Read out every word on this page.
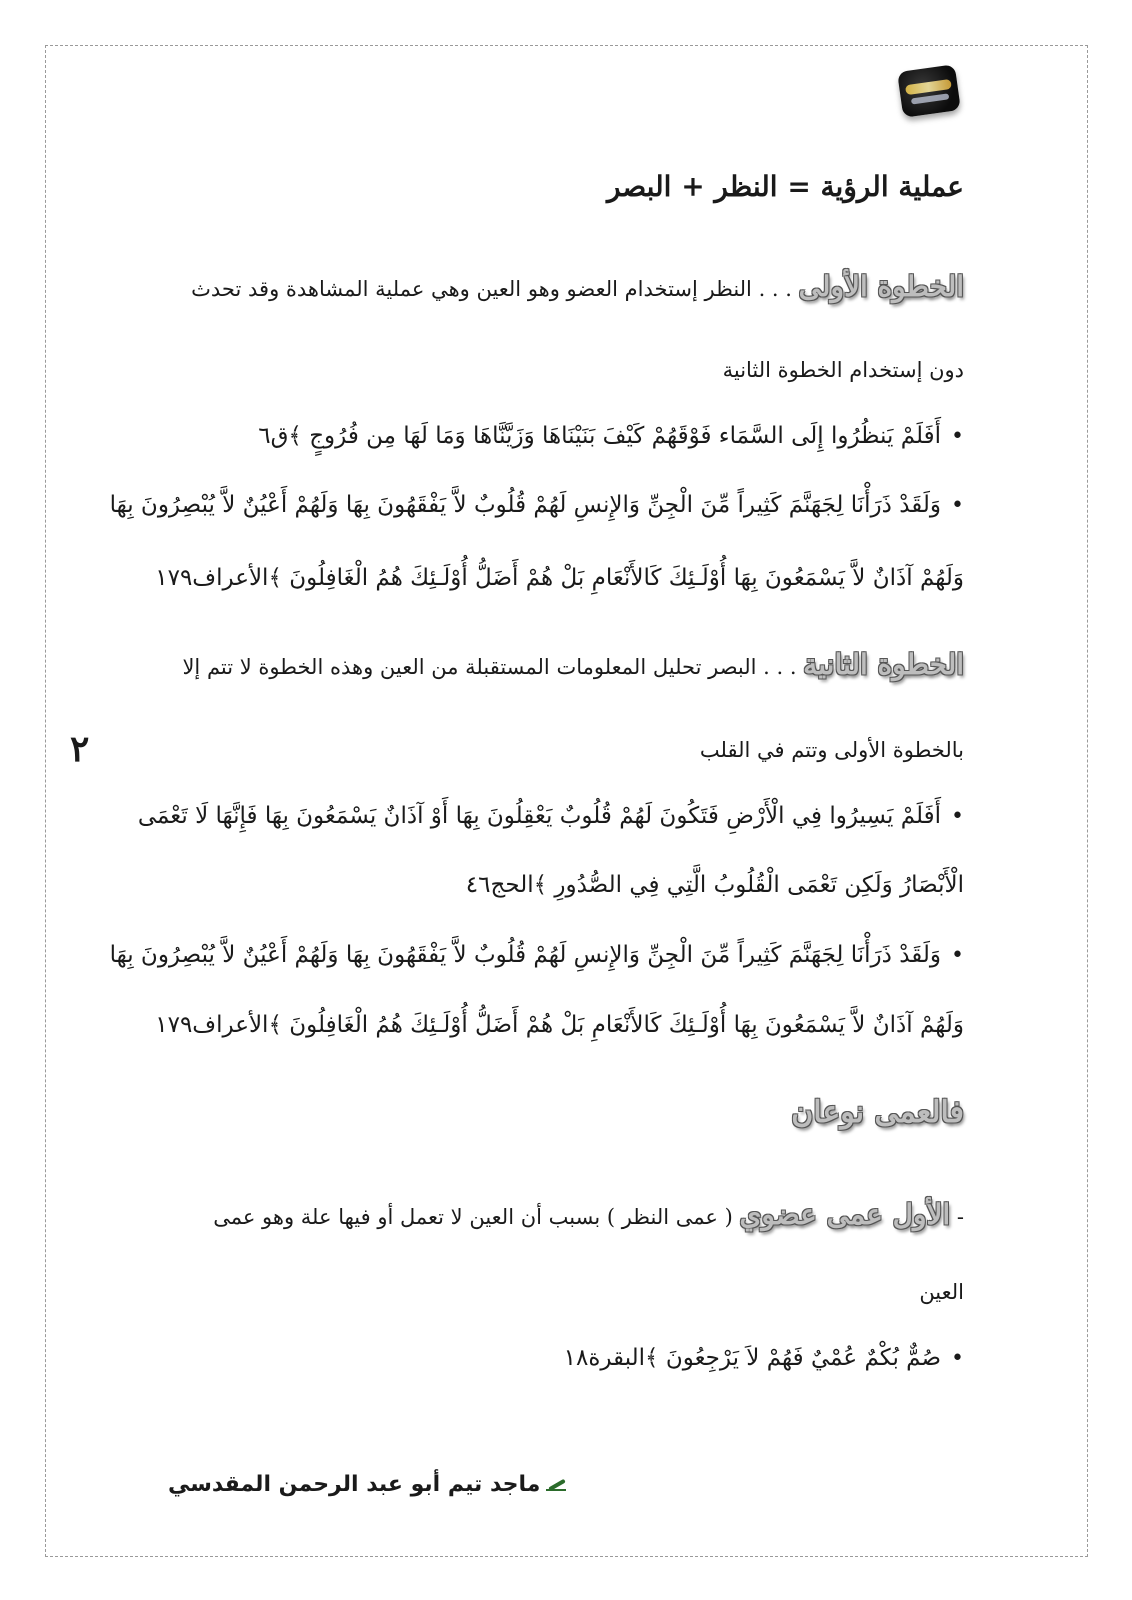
عملية الرؤية = النظر + البصر
الخطوة الأولى . . . النظر إستخدام العضو وهو العين وهي عملية المشاهدة وقد تحدث
دون إستخدام الخطوة الثانية
•أَفَلَمْ يَنظُرُوا إِلَى السَّمَاء فَوْقَهُمْ كَيْفَ بَنَيْنَاهَا وَزَيَّنَّاهَا وَمَا لَهَا مِن فُرُوجٍ ﴾ق٦
•وَلَقَدْ ذَرَأْنَا لِجَهَنَّمَ كَثِيراً مِّنَ الْجِنِّ وَالإِنسِ لَهُمْ قُلُوبٌ لاَّ يَفْقَهُونَ بِهَا وَلَهُمْ أَعْيُنٌ لاَّ يُبْصِرُونَ بِهَا
وَلَهُمْ آذَانٌ لاَّ يَسْمَعُونَ بِهَا أُوْلَـئِكَ كَالأَنْعَامِ بَلْ هُمْ أَضَلُّ أُوْلَـئِكَ هُمُ الْغَافِلُونَ ﴾الأعراف١٧٩
الخطوة الثانية . . . البصر تحليل المعلومات المستقبلة من العين وهذه الخطوة لا تتم إلا
بالخطوة الأولى وتتم في القلب
٢
•أَفَلَمْ يَسِيرُوا فِي الْأَرْضِ فَتَكُونَ لَهُمْ قُلُوبٌ يَعْقِلُونَ بِهَا أَوْ آذَانٌ يَسْمَعُونَ بِهَا فَإِنَّهَا لَا تَعْمَى
الْأَبْصَارُ وَلَكِن تَعْمَى الْقُلُوبُ الَّتِي فِي الصُّدُورِ ﴾الحج٤٦
•وَلَقَدْ ذَرَأْنَا لِجَهَنَّمَ كَثِيراً مِّنَ الْجِنِّ وَالإِنسِ لَهُمْ قُلُوبٌ لاَّ يَفْقَهُونَ بِهَا وَلَهُمْ أَعْيُنٌ لاَّ يُبْصِرُونَ بِهَا
وَلَهُمْ آذَانٌ لاَّ يَسْمَعُونَ بِهَا أُوْلَـئِكَ كَالأَنْعَامِ بَلْ هُمْ أَضَلُّ أُوْلَـئِكَ هُمُ الْغَافِلُونَ ﴾الأعراف١٧٩
فالعمى نوعان
- الأول عمى عضوي ( عمى النظر ) بسبب أن العين لا تعمل أو فيها علة وهو عمى
العين
•صُمٌّ بُكْمٌ عُمْيٌ فَهُمْ لاَ يَرْجِعُونَ ﴾البقرة١٨
ماجد تيم أبو عبد الرحمن المقدسي
